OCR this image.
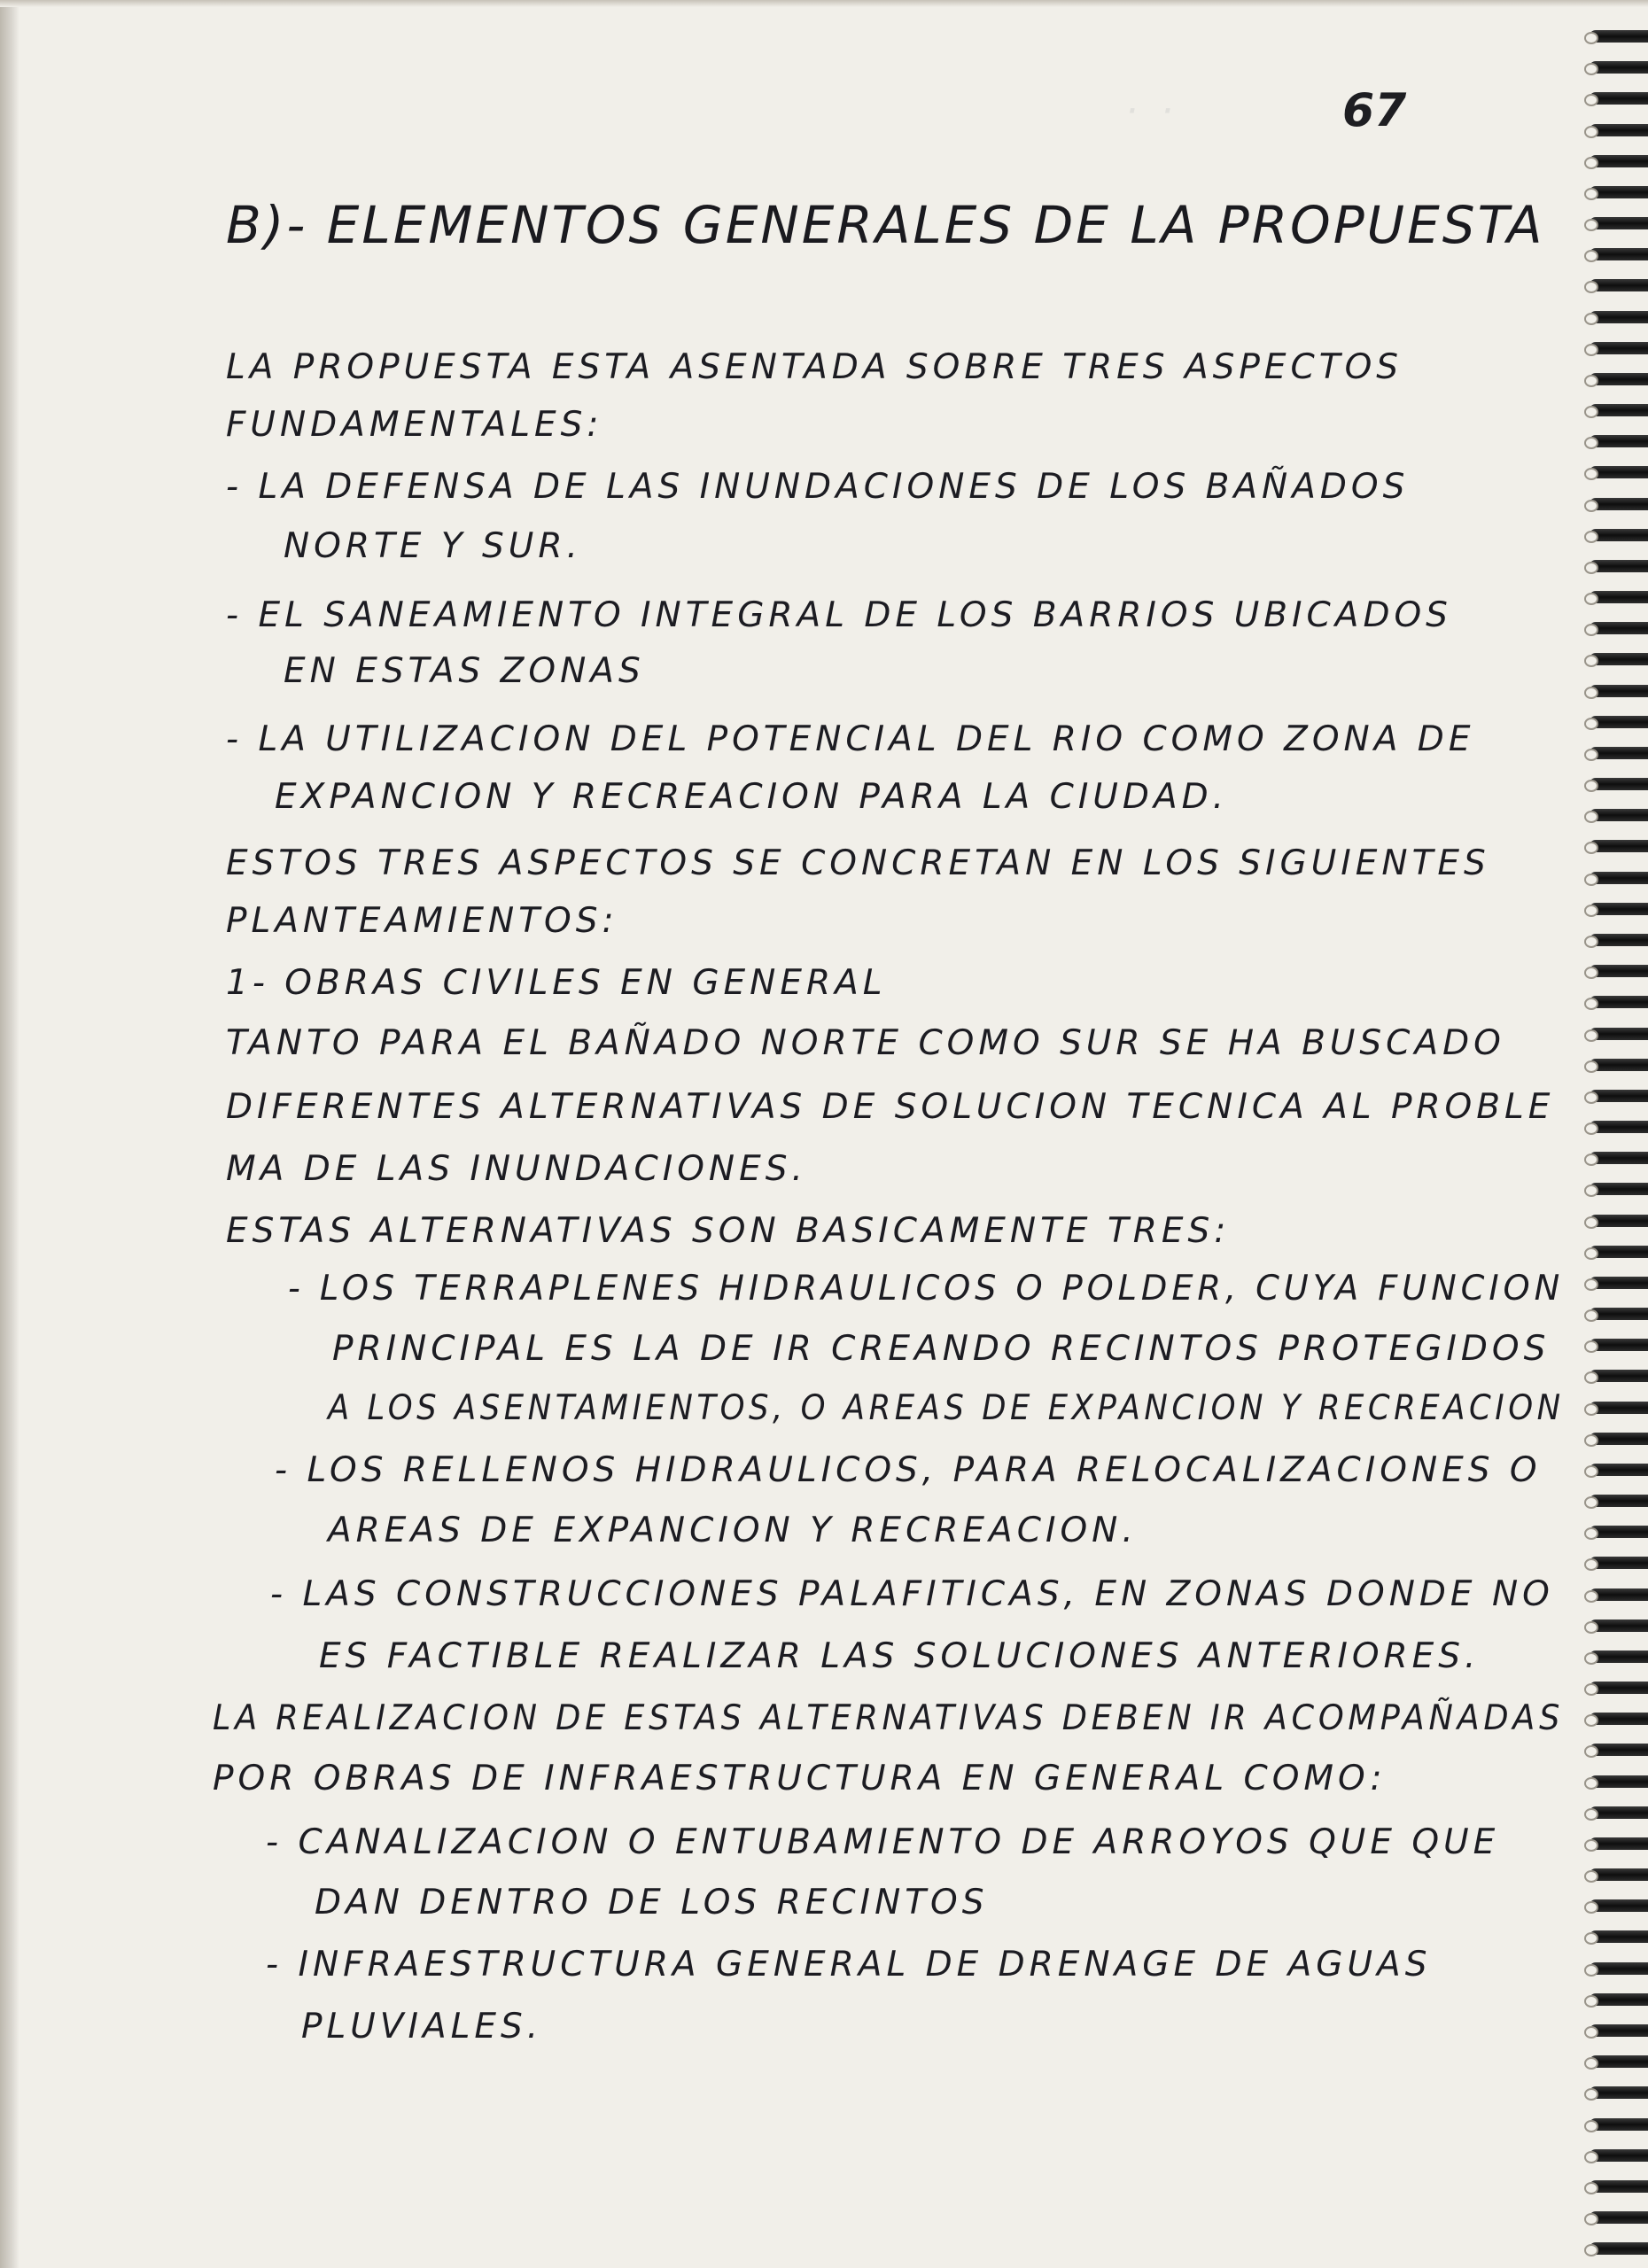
· ·	67
B)- ELEMENTOS GENERALES DE LA PROPUESTA
LA PROPUESTA ESTA ASENTADA SOBRE TRES ASPECTOS
FUNDAMENTALES:
- LA DEFENSA DE LAS INUNDACIONES DE LOS BAÑADOS
NORTE Y SUR.
- EL SANEAMIENTO INTEGRAL DE LOS BARRIOS UBICADOS
EN ESTAS ZONAS
- LA UTILIZACION DEL POTENCIAL DEL RIO COMO ZONA DE
EXPANCION Y RECREACION PARA LA CIUDAD.
ESTOS TRES ASPECTOS SE CONCRETAN EN LOS SIGUIENTES
PLANTEAMIENTOS:
1- OBRAS CIVILES EN GENERAL
TANTO PARA EL BAÑADO NORTE COMO SUR SE HA BUSCADO
DIFERENTES ALTERNATIVAS DE SOLUCION TECNICA AL PROBLE
MA DE LAS INUNDACIONES.
ESTAS ALTERNATIVAS SON BASICAMENTE TRES:
- LOS TERRAPLENES HIDRAULICOS O POLDER, CUYA FUNCION
PRINCIPAL ES LA DE IR CREANDO RECINTOS PROTEGIDOS
A LOS ASENTAMIENTOS, O AREAS DE EXPANCION Y RECREACION
- LOS RELLENOS HIDRAULICOS, PARA RELOCALIZACIONES O
AREAS DE EXPANCION Y RECREACION.
- LAS CONSTRUCCIONES PALAFITICAS, EN ZONAS DONDE NO
ES FACTIBLE REALIZAR LAS SOLUCIONES ANTERIORES.
LA REALIZACION DE ESTAS ALTERNATIVAS DEBEN IR ACOMPAÑADAS
POR OBRAS DE INFRAESTRUCTURA EN GENERAL COMO:
- CANALIZACION O ENTUBAMIENTO DE ARROYOS QUE QUE
DAN DENTRO DE LOS RECINTOS
- INFRAESTRUCTURA GENERAL DE DRENAGE DE AGUAS
PLUVIALES.
